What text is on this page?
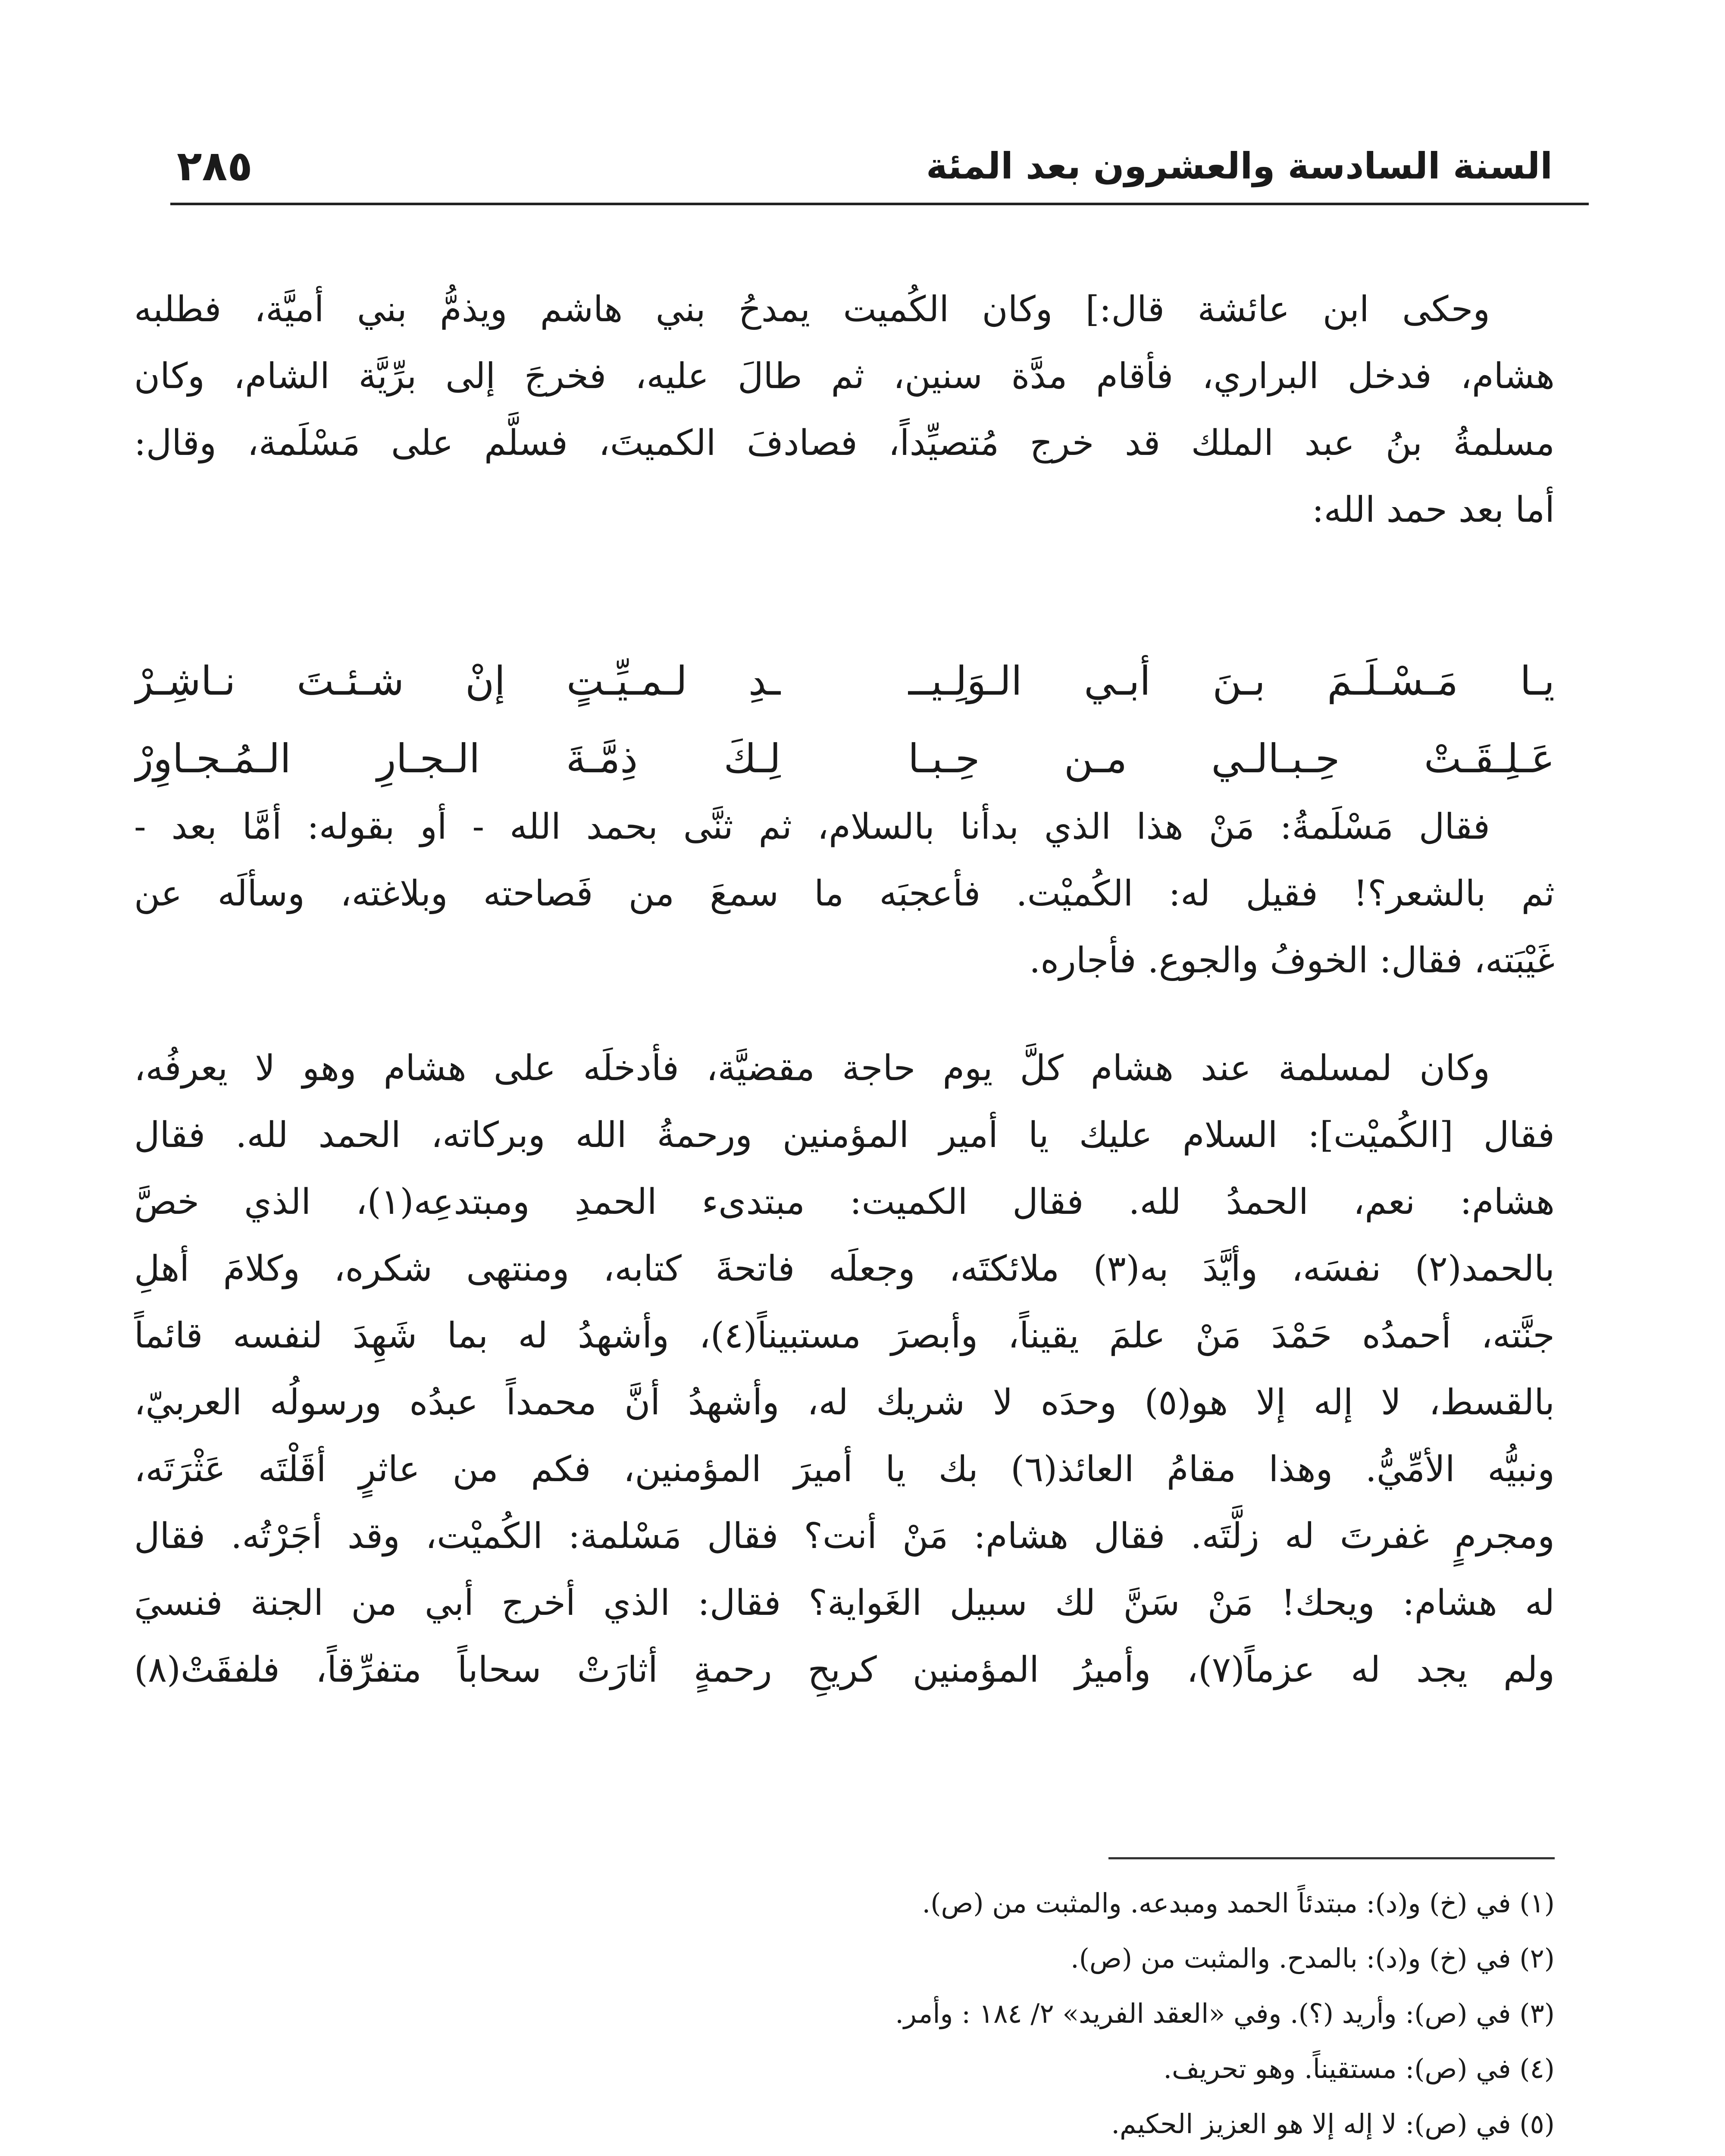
السنة السادسة والعشرون بعد المئة
٢٨٥
وحكى ابن عائشة قال:] وكان الكُميت يمدحُ بني هاشم ويذمُّ بني أميَّة، فطلبه
هشام، فدخل البراري، فأقام مدَّة سنين، ثم طالَ عليه، فخرجَ إلى برِّيَّة الشام، وكان
مسلمةُ بنُ عبد الملك قد خرج مُتصيِّداً، فصادفَ الكميتَ، فسلَّم على مَسْلَمة، وقال:
أما بعد حمد الله:
يـا مَـسْـلَـمَ بـنَ أبـي الـوَلِـيــ
ـدِ لـمـيِّـتٍ إنْ شـئـتَ نـاشِـرْ
عَـلِـقَـتْ حِـبـالـي مـن حِـبـا
لِـكَ ذِمَّـةَ الـجـارِ الـمُـجـاوِرْ
فقال مَسْلَمةُ: مَنْ هذا الذي بدأنا بالسلام، ثم ثنَّى بحمد الله - أو بقوله: أمَّا بعد -
ثم بالشعر؟! فقيل له: الكُميْت. فأعجبَه ما سمعَ من فَصاحته وبلاغته، وسألَه عن
غَيْبَته، فقال: الخوفُ والجوع. فأجاره.
وكان لمسلمة عند هشام كلَّ يوم حاجة مقضيَّة، فأدخلَه على هشام وهو لا يعرفُه،
فقال [الكُميْت]: السلام عليك يا أمير المؤمنين ورحمةُ الله وبركاته، الحمد لله. فقال
هشام: نعم، الحمدُ لله. فقال الكميت: مبتدىء الحمدِ ومبتدعِه(١)، الذي خصَّ
بالحمد(٢) نفسَه، وأيَّدَ به(٣) ملائكتَه، وجعلَه فاتحةَ كتابه، ومنتهى شكره، وكلامَ أهلِ
جنَّته، أحمدُه حَمْدَ مَنْ علمَ يقيناً، وأبصرَ مستبيناً(٤)، وأشهدُ له بما شَهِدَ لنفسه قائماً
بالقسط، لا إله إلا هو(٥) وحدَه لا شريك له، وأشهدُ أنَّ محمداً عبدُه ورسولُه العربيّ،
ونبيُّه الأمِّيُّ. وهذا مقامُ العائذ(٦) بك يا أميرَ المؤمنين، فكم من عاثرٍ أقَلْتَه عَثْرَتَه،
ومجرمٍ غفرتَ له زلَّتَه. فقال هشام: مَنْ أنت؟ فقال مَسْلمة: الكُميْت، وقد أجَرْتُه. فقال
له هشام: ويحك! مَنْ سَنَّ لك سبيل الغَواية؟ فقال: الذي أخرج أبي من الجنة فنسيَ
ولم يجد له عزماً(٧)، وأميرُ المؤمنين كريحِ رحمةٍ أثارَتْ سحاباً متفرِّقاً، فلفقَتْ(٨)
(١) في (خ) و(د): مبتدئاً الحمد ومبدعه. والمثبت من (ص).
(٢) في (خ) و(د): بالمدح. والمثبت من (ص).
(٣) في (ص): وأريد (؟). وفي «العقد الفريد» ٢/ ١٨٤ : وأمر.
(٤) في (ص): مستقيناً. وهو تحريف.
(٥) في (ص): لا إله إلا هو العزيز الحكيم.
